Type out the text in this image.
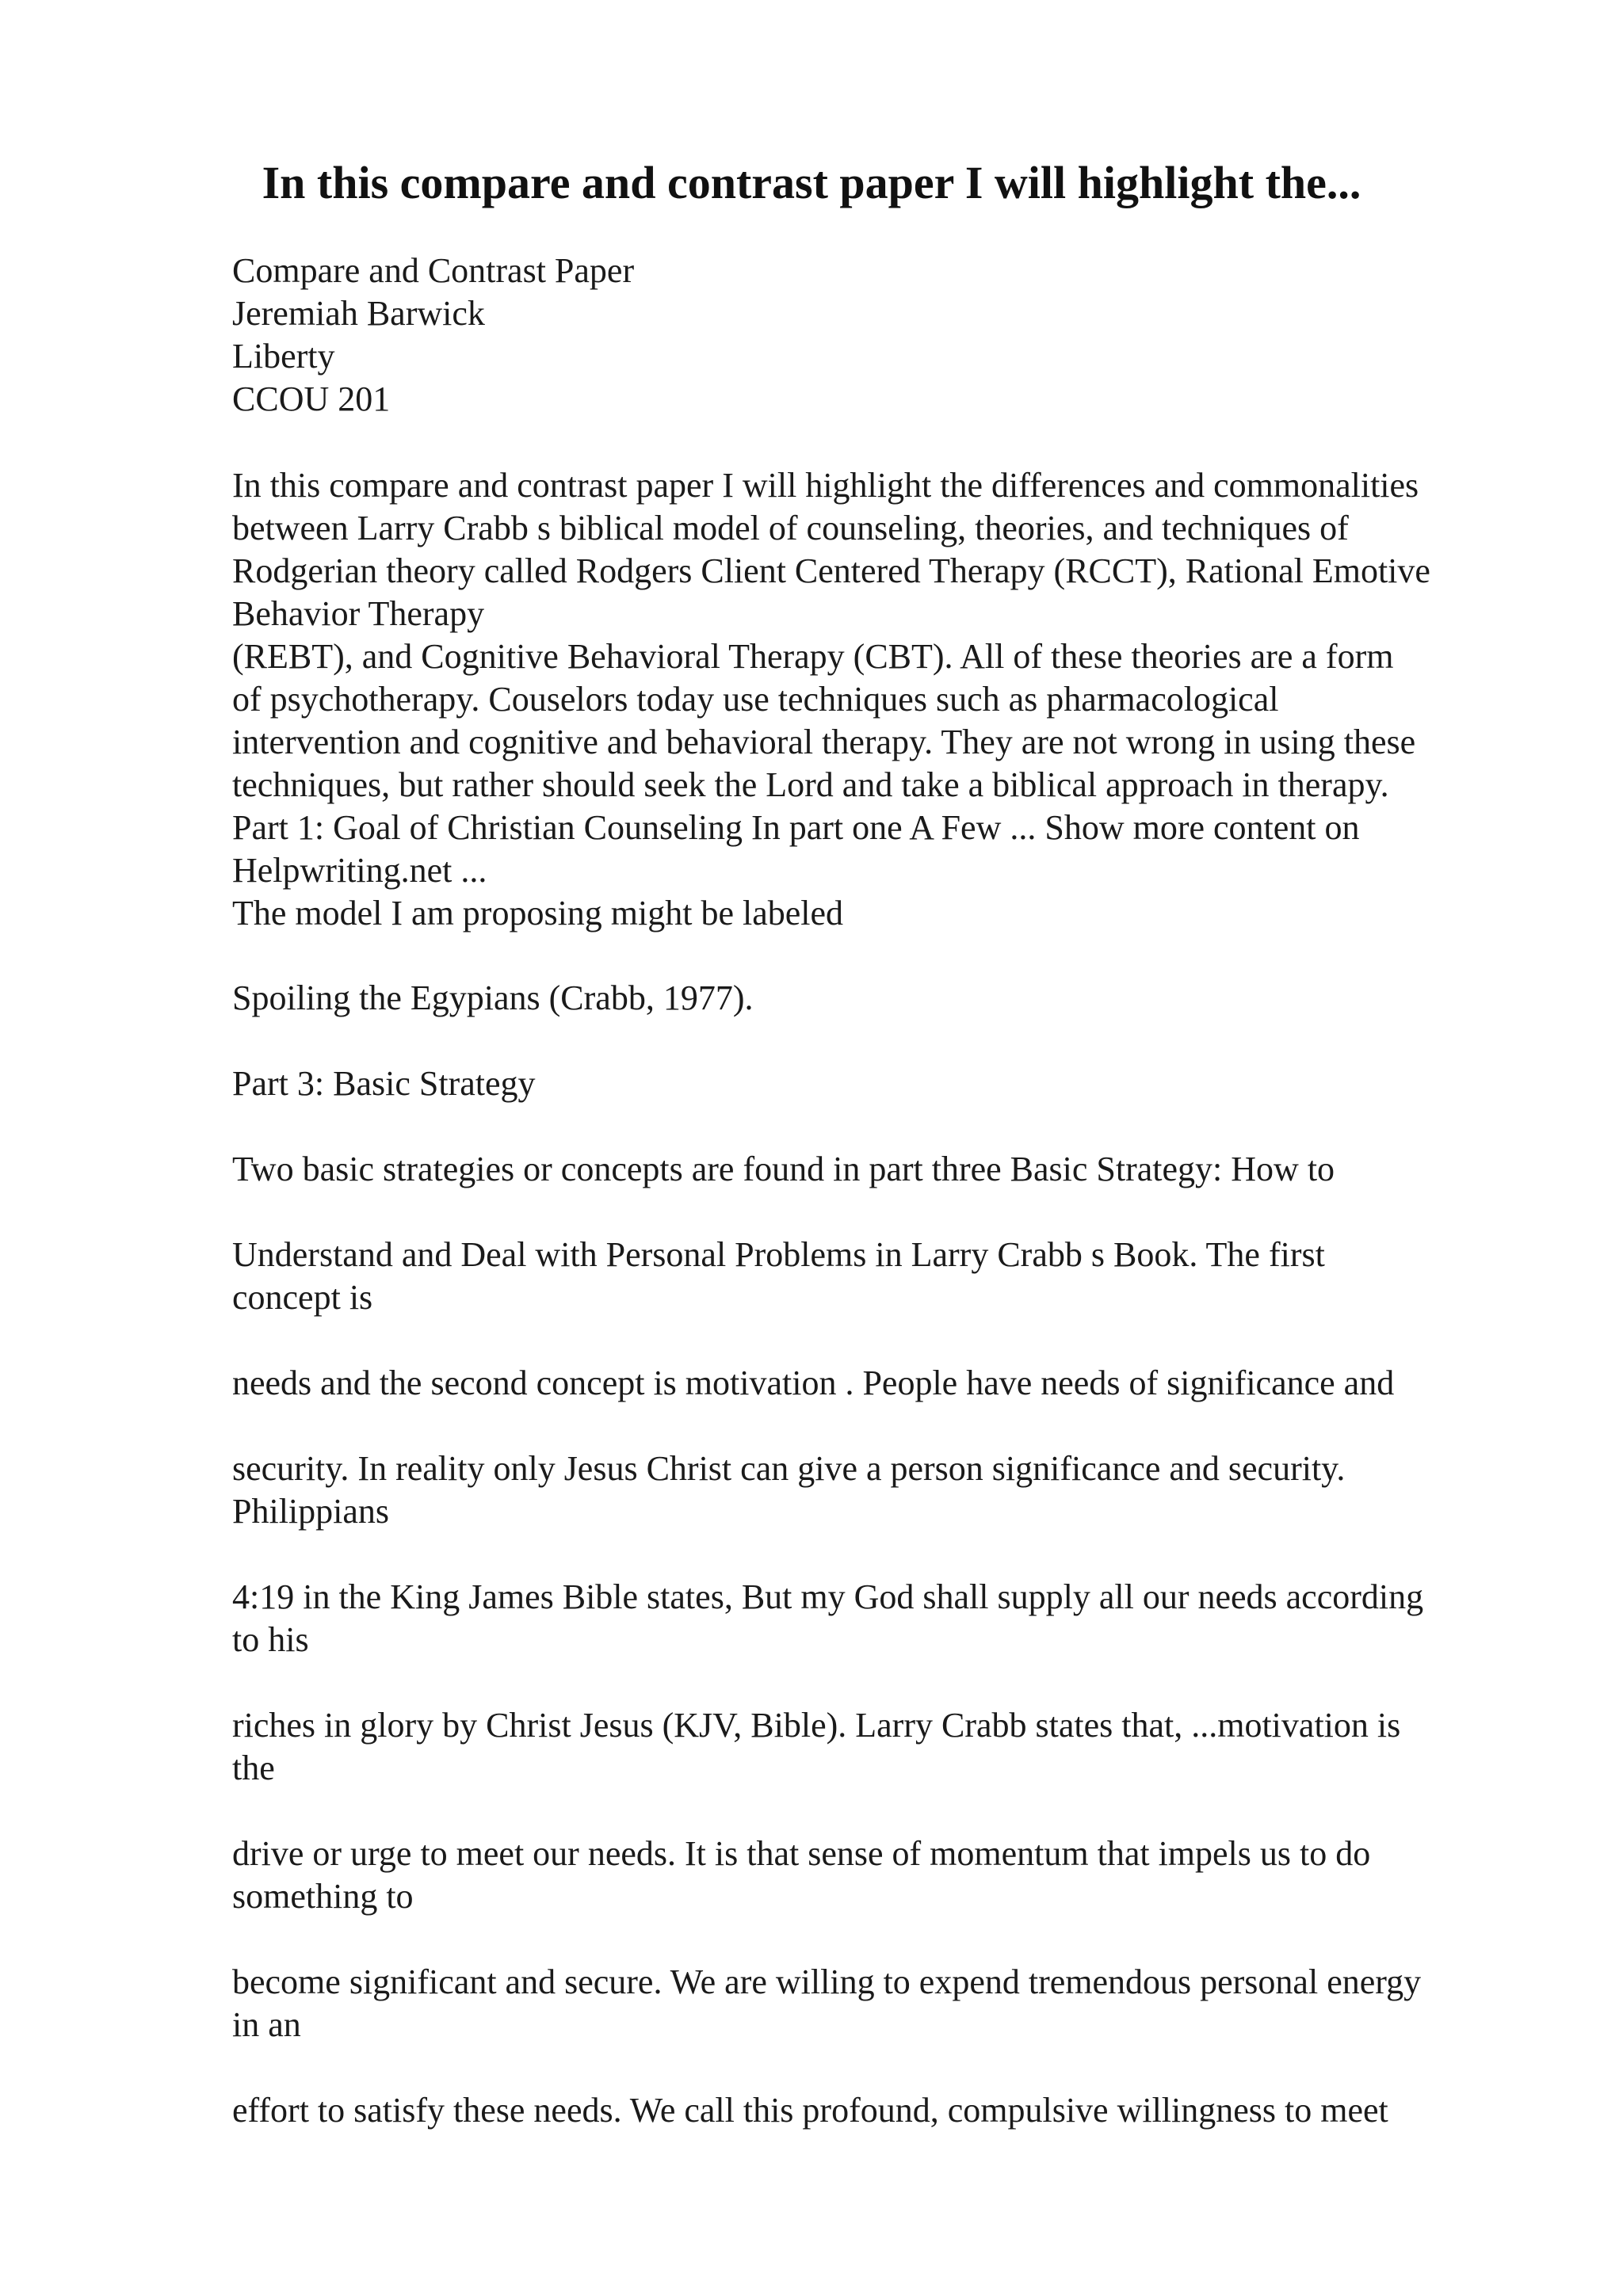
In this compare and contrast paper I will highlight the...
Compare and Contrast Paper
Jeremiah Barwick
Liberty
CCOU 201
In this compare and contrast paper I will highlight the differences and commonalities
between Larry Crabb s biblical model of counseling, theories, and techniques of
Rodgerian theory called Rodgers Client Centered Therapy (RCCT), Rational Emotive
Behavior Therapy
(REBT), and Cognitive Behavioral Therapy (CBT). All of these theories are a form
of psychotherapy. Couselors today use techniques such as pharmacological
intervention and cognitive and behavioral therapy. They are not wrong in using these
techniques, but rather should seek the Lord and take a biblical approach in therapy.
Part 1: Goal of Christian Counseling In part one A Few ... Show more content on
Helpwriting.net ...
The model I am proposing might be labeled
Spoiling the Egypians (Crabb, 1977).
Part 3: Basic Strategy
Two basic strategies or concepts are found in part three Basic Strategy: How to
Understand and Deal with Personal Problems in Larry Crabb s Book. The first
concept is
needs and the second concept is motivation . People have needs of significance and
security. In reality only Jesus Christ can give a person significance and security.
Philippians
4:19 in the King James Bible states, But my God shall supply all our needs according
to his
riches in glory by Christ Jesus (KJV, Bible). Larry Crabb states that, ...motivation is
the
drive or urge to meet our needs. It is that sense of momentum that impels us to do
something to
become significant and secure. We are willing to expend tremendous personal energy
in an
effort to satisfy these needs. We call this profound, compulsive willingness to meet
